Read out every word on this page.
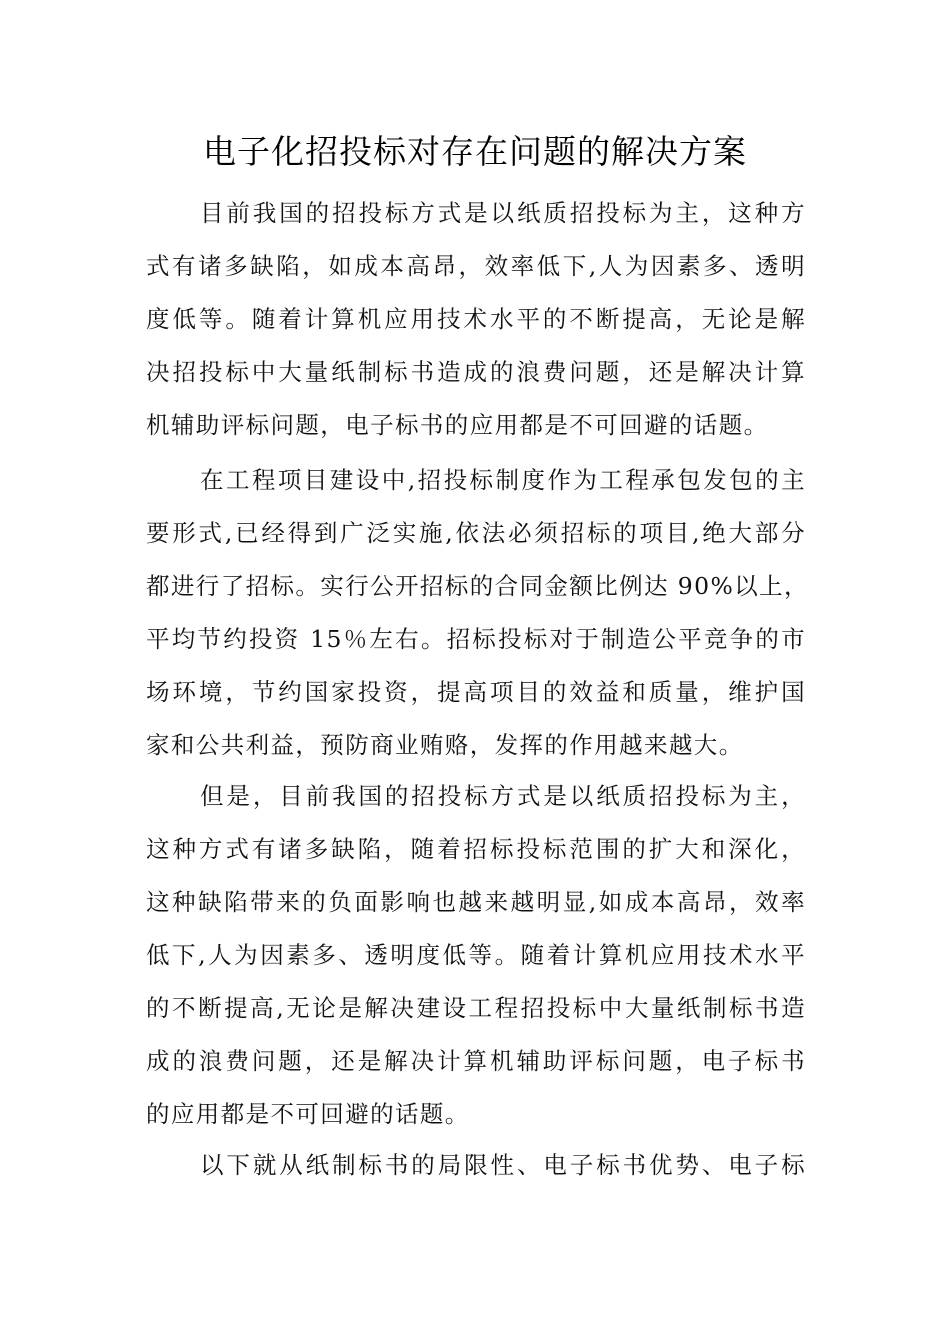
电子化招投标对存在问题的解决方案
目前我国的招投标方式是以纸质招投标为主，这种方
式有诸多缺陷，如成本高昂，效率低下,人为因素多、透明
度低等。随着计算机应用技术水平的不断提高，无论是解
决招投标中大量纸制标书造成的浪费问题，还是解决计算
机辅助评标问题，电子标书的应用都是不可回避的话题。
在工程项目建设中,招投标制度作为工程承包发包的主
要形式,已经得到广泛实施,依法必须招标的项目,绝大部分
都进行了招标。实行公开招标的合同金额比例达 90%以上，
平均节约投资 15％左右。招标投标对于制造公平竞争的市
场环境，节约国家投资，提高项目的效益和质量，维护国
家和公共利益，预防商业贿赂，发挥的作用越来越大。
但是，目前我国的招投标方式是以纸质招投标为主，
这种方式有诸多缺陷，随着招标投标范围的扩大和深化，
这种缺陷带来的负面影响也越来越明显,如成本高昂，效率
低下,人为因素多、透明度低等。随着计算机应用技术水平
的不断提高,无论是解决建设工程招投标中大量纸制标书造
成的浪费问题，还是解决计算机辅助评标问题，电子标书
的应用都是不可回避的话题。
以下就从纸制标书的局限性、电子标书优势、电子标
